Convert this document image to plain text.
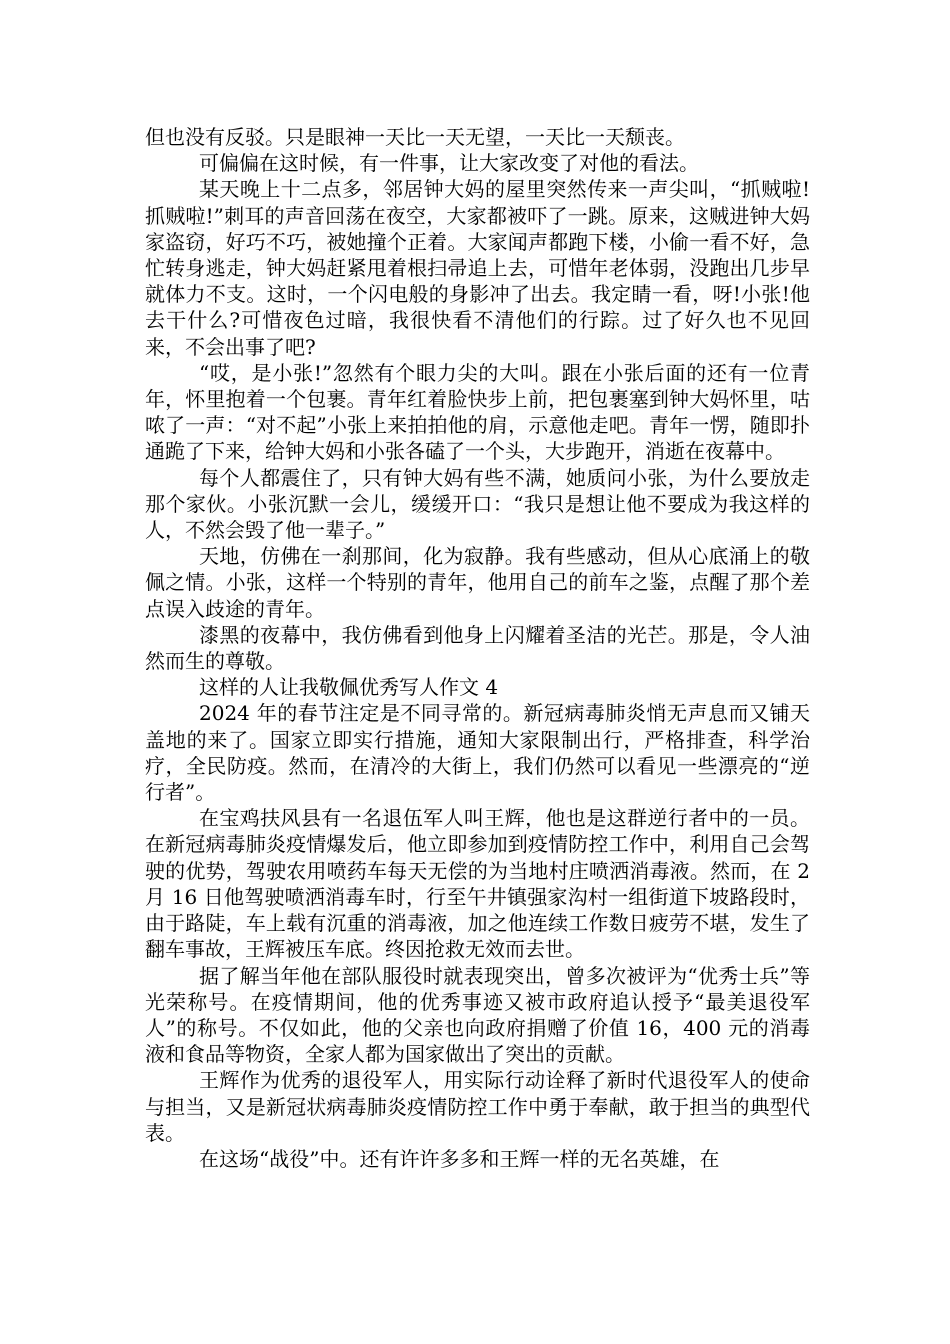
但也没有反驳。只是眼神一天比一天无望，一天比一天颓丧。

可偏偏在这时候，有一件事，让大家改变了对他的看法。

某天晚上十二点多，邻居钟大妈的屋里突然传来一声尖叫，“抓贼啦!抓贼啦!”刺耳的声音回荡在夜空，大家都被吓了一跳。原来，这贼进钟大妈家盗窃，好巧不巧，被她撞个正着。大家闻声都跑下楼，小偷一看不好，急忙转身逃走，钟大妈赶紧甩着根扫帚追上去，可惜年老体弱，没跑出几步早就体力不支。这时，一个闪电般的身影冲了出去。我定睛一看，呀!小张!他去干什么?可惜夜色过暗，我很快看不清他们的行踪。过了好久也不见回来，不会出事了吧?

“哎，是小张!”忽然有个眼力尖的大叫。跟在小张后面的还有一位青年，怀里抱着一个包裹。青年红着脸快步上前，把包裹塞到钟大妈怀里，咕哝了一声：“对不起”小张上来拍拍他的肩，示意他走吧。青年一愣，随即扑通跪了下来，给钟大妈和小张各磕了一个头，大步跑开，消逝在夜幕中。

每个人都震住了，只有钟大妈有些不满，她质问小张，为什么要放走那个家伙。小张沉默一会儿，缓缓开口：“我只是想让他不要成为我这样的人，不然会毁了他一辈子。”

天地，仿佛在一刹那间，化为寂静。我有些感动，但从心底涌上的敬佩之情。小张，这样一个特别的青年，他用自己的前车之鉴，点醒了那个差点误入歧途的青年。

漆黑的夜幕中，我仿佛看到他身上闪耀着圣洁的光芒。那是，令人油然而生的尊敬。

这样的人让我敬佩优秀写人作文 4

2024 年的春节注定是不同寻常的。新冠病毒肺炎悄无声息而又铺天盖地的来了。国家立即实行措施，通知大家限制出行，严格排查，科学治疗，全民防疫。然而，在清冷的大街上，我们仍然可以看见一些漂亮的“逆行者”。

在宝鸡扶风县有一名退伍军人叫王辉，他也是这群逆行者中的一员。在新冠病毒肺炎疫情爆发后，他立即参加到疫情防控工作中，利用自己会驾驶的优势，驾驶农用喷药车每天无偿的为当地村庄喷洒消毒液。然而，在 2 月 16 日他驾驶喷洒消毒车时，行至午井镇强家沟村一组街道下坡路段时，由于路陡，车上载有沉重的消毒液，加之他连续工作数日疲劳不堪，发生了翻车事故，王辉被压车底。终因抢救无效而去世。

据了解当年他在部队服役时就表现突出，曾多次被评为“优秀士兵”等光荣称号。在疫情期间，他的优秀事迹又被市政府追认授予“最美退役军人”的称号。不仅如此，他的父亲也向政府捐赠了价值 16，400 元的消毒液和食品等物资，全家人都为国家做出了突出的贡献。

王辉作为优秀的退役军人，用实际行动诠释了新时代退役军人的使命与担当，又是新冠状病毒肺炎疫情防控工作中勇于奉献，敢于担当的典型代表。

在这场“战役”中。还有许许多多和王辉一样的无名英雄，在
